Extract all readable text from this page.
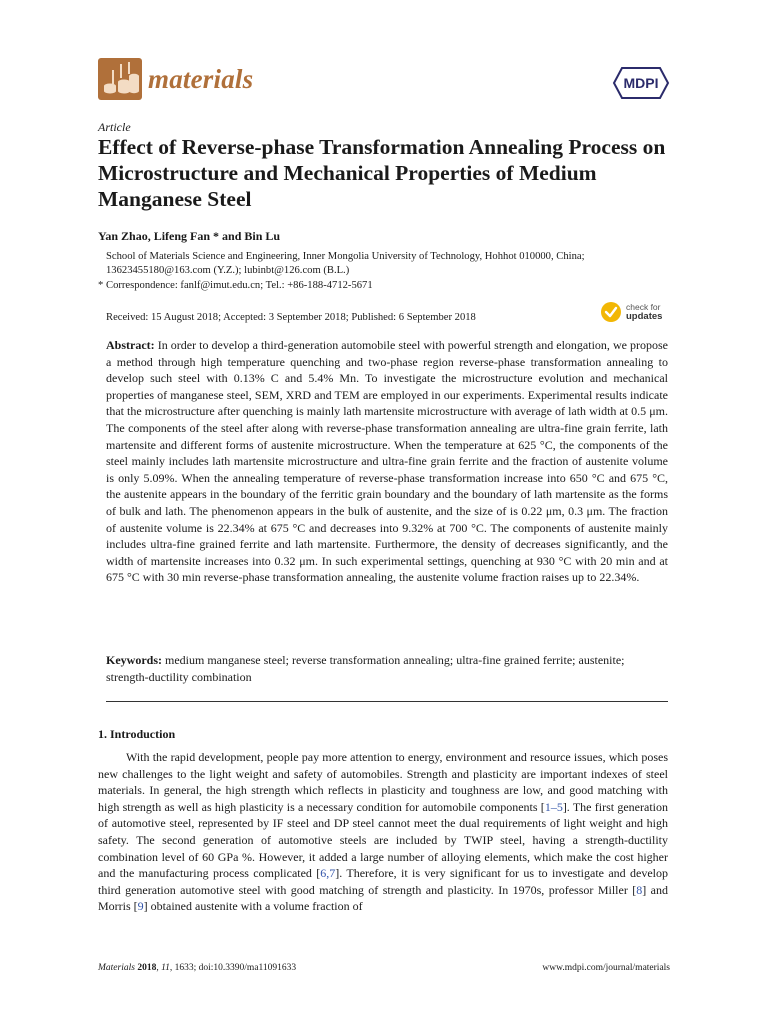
materials	MDPI
Article
Effect of Reverse-phase Transformation Annealing Process on Microstructure and Mechanical Properties of Medium Manganese Steel
Yan Zhao, Lifeng Fan * and Bin Lu
School of Materials Science and Engineering, Inner Mongolia University of Technology, Hohhot 010000, China; 13623455180@163.com (Y.Z.); lubinbt@126.com (B.L.)
* Correspondence: fanlf@imut.edu.cn; Tel.: +86-188-4712-5671
Received: 15 August 2018; Accepted: 3 September 2018; Published: 6 September 2018
check for
updates

Abstract: In order to develop a third-generation automobile steel with powerful strength and elongation, we propose a method through high temperature quenching and two-phase region reverse-phase transformation annealing to develop such steel with 0.13% C and 5.4% Mn. To investigate the microstructure evolution and mechanical properties of manganese steel, SEM, XRD and TEM are employed in our experiments. Experimental results indicate that the microstructure after quenching is mainly lath martensite microstructure with average of lath width at 0.5 μm. The components of the steel after along with reverse-phase transformation annealing are ultra-fine grain ferrite, lath martensite and different forms of austenite microstructure. When the temperature at 625 °C, the components of the steel mainly includes lath martensite microstructure and ultra-fine grain ferrite and the fraction of austenite volume is only 5.09%. When the annealing temperature of reverse-phase transformation increase into 650 °C and 675 °C, the austenite appears in the boundary of the ferritic grain boundary and the boundary of lath martensite as the forms of bulk and lath. The phenomenon appears in the bulk of austenite, and the size of is 0.22 μm, 0.3 μm. The fraction of austenite volume is 22.34% at 675 °C and decreases into 9.32% at 700 °C. The components of austenite mainly includes ultra-fine grained ferrite and lath martensite. Furthermore, the density of decreases significantly, and the width of martensite increases into 0.32 μm. In such experimental settings, quenching at 930 °C with 20 min and at 675 °C with 30 min reverse-phase transformation annealing, the austenite volume fraction raises up to 22.34%.

Keywords: medium manganese steel; reverse transformation annealing; ultra-fine grained ferrite; austenite; strength-ductility combination

1. Introduction

With the rapid development, people pay more attention to energy, environment and resource issues, which poses new challenges to the light weight and safety of automobiles. Strength and plasticity are important indexes of steel materials. In general, the high strength which reflects in plasticity and toughness are low, and good matching with high strength as well as high plasticity is a necessary condition for automobile components [1–5]. The first generation of automotive steel, represented by IF steel and DP steel cannot meet the dual requirements of light weight and high safety. The second generation of automotive steels are included by TWIP steel, having a strength-ductility combination level of 60 GPa %. However, it added a large number of alloying elements, which make the cost higher and the manufacturing process complicated [6,7]. Therefore, it is very significant for us to investigate and develop third generation automotive steel with good matching of strength and plasticity. In 1970s, professor Miller [8] and Morris [9] obtained austenite with a volume fraction of

Materials 2018, 11, 1633; doi:10.3390/ma11091633	www.mdpi.com/journal/materials
